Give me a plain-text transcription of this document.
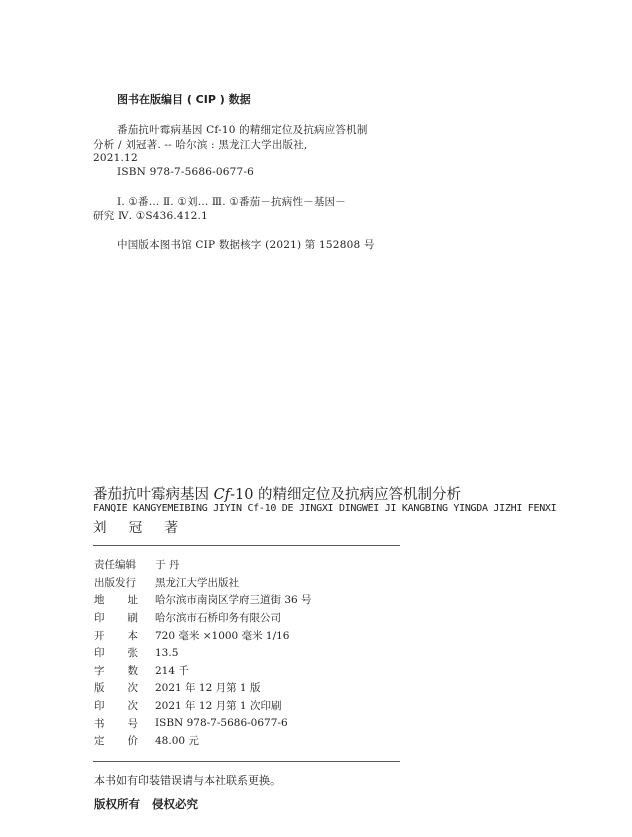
图书在版编目 ( CIP ) 数据
番茄抗叶霉病基因 Cf-10 的精细定位及抗病应答机制
分析 / 刘冠著. -- 哈尔滨 : 黑龙江大学出版社,
2021.12
ISBN 978-7-5686-0677-6
Ⅰ. ①番… Ⅱ. ①刘… Ⅲ. ①番茄－抗病性－基因－
研究 Ⅳ. ①S436.412.1
中国版本图书馆 CIP 数据核字 (2021) 第 152808 号
番茄抗叶霉病基因 Cf-10 的精细定位及抗病应答机制分析
FANQIE KANGYEMEIBING JIYIN Cf-10 DE JINGXI DINGWEI JI KANGBING YINGDA JIZHI FENXI
刘 冠 著
责任编辑	于 丹
出版发行	黑龙江大学出版社
地 址 哈尔滨市南岗区学府三道街 36 号
印 刷 哈尔滨市石桥印务有限公司
开 本 720 毫米 ×1000 毫米 1/16
印 张 13.5
字 数 214 千
版 次 2021 年 12 月第 1 版
印 次 2021 年 12 月第 1 次印刷
书 号 ISBN 978-7-5686-0677-6
定 价 48.00 元
本书如有印装错误请与本社联系更换。
版权所有 侵权必究
